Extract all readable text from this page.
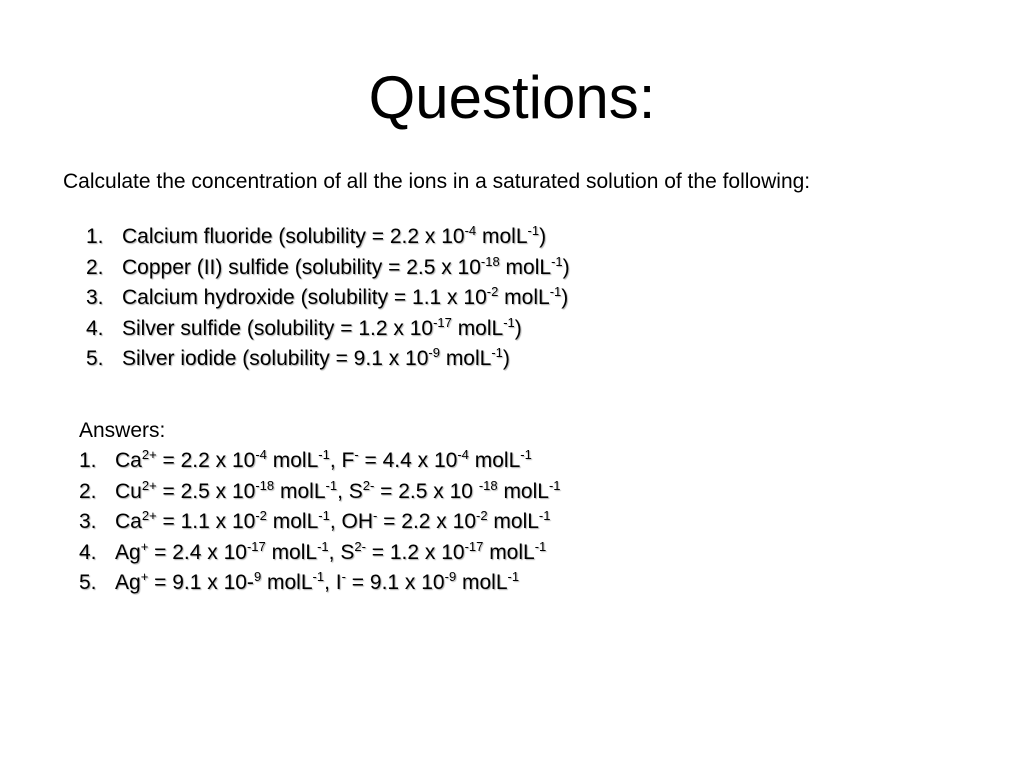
Questions:
Calculate the concentration of all the ions in a saturated solution of the following:
1. Calcium fluoride (solubility = 2.2 x $10^{-4}$ molL$^{-1}$)
2. Copper (II) sulfide (solubility = 2.5 x $10^{-18}$ molL$^{-1}$)
3. Calcium hydroxide (solubility = 1.1 x $10^{-2}$ molL$^{-1}$)
4. Silver sulfide (solubility = 1.2 x $10^{-17}$ molL$^{-1}$)
5. Silver iodide (solubility = 9.1 x $10^{-9}$ molL$^{-1}$)
Answers:
1. $Ca^{2+} = 2.2$ x $10^{-4}$ molL$^{-1}$, F- = 4.4 x $10^{-4}$ molL$^{-1}$
2. $Cu^{2+} = 2.5$ x $10^{-18}$ molL$^{-1}$, $S^{2-} = 2.5$ x 10 $^{-18}$ molL$^{-1}$
3. $Ca^{2+} = 1.1$ x $10^{-2}$ molL$^{-1}$, OH- = 2.2 x $10^{-2}$ molL$^{-1}$
4. Ag+ = 2.4 x $10^{-17}$ molL$^{-1}$, $S^{2-} = 1.2$ x $10^{-17}$ molL$^{-1}$
5. Ag+ = 9.1 x 10-$^9$ molL$^{-1}$, I- = 9.1 x $10^{-9}$ molL$^{-1}$
